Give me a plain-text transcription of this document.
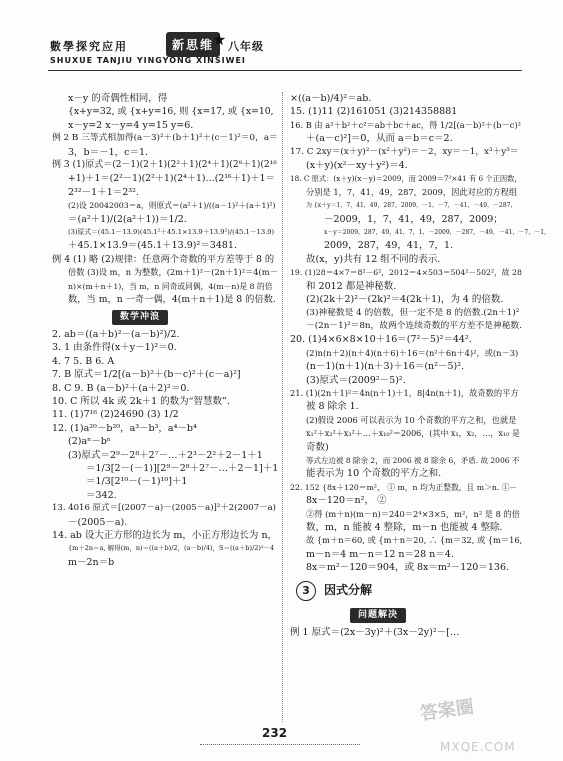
數學探究应用	新思维
★ 八年级
SHUXUE TANJIU YINGYONG XINSIWEI
x－y 的奇偶性相同，得
{x+y=32, 或 {x+y=16, 则 {x=17, 或 {x=10,
x－y=2 x－y=4 y=15 y=6.
例 2 B 三等式相加得(a－3)²＋(b＋1)²＋(c－1)²＝0，a＝
3，b＝－1，c＝1.
例 3 (1)原式＝(2－1)(2＋1)(2²＋1)(2⁴＋1)(2⁸＋1)(2¹⁶
+1)＋1＝(2²－1)(2²＋1)(2⁴＋1)…(2¹⁶＋1)＋1＝
2³²－1＋1＝2³².
(2)设 20042003＝a，则原式＝(a²＋1)/((a－1)²＋(a＋1)²)
＝(a²＋1)/(2(a²＋1))＝1/2.
(3)原式＝(45.1－13.9)(45.1²＋45.1×13.9＋13.9²)/(45.1－13.9)
＋45.1×13.9＝(45.1＋13.9)²＝3481.
例 4 (1) 略 (2)规律：任意两个奇数的平方差等于 8 的
倍数 (3)设 m，n 为整数，(2m＋1)²－(2n＋1)²＝4(m－
n)×(m＋n＋1)，当 m，n 同奇或同偶，4(m－n)是 8 的倍
数，当 m，n 一奇一偶，4(m＋n＋1)是 8 的倍数.
数学冲浪
2. ab＝((a＋b)²－(a－b)²)/2.
3. 1 由条件得(x＋y－1)²＝0.
4. 7 5. B 6. A
7. B 原式＝1/2[(a－b)²＋(b－c)²＋(c－a)²]
8. C 9. B (a－b)²＋(a＋2)²＝0.
10. C 所以 4k 或 2k＋1 的数为“智慧数”.
11. (1)7¹⁶ (2)24690 (3) 1/2
12. (1)a²⁰－b²⁰，a³－b³，a⁴－b⁴
(2)aⁿ－bⁿ
(3)原式＝2⁹－2⁸＋2⁷－…＋2³－2²＋2－1＋1
＝1/3[2－(－1)][2⁹－2⁸＋2⁷－…＋2－1]＋1
＝1/3[2¹⁰－(－1)¹⁰]＋1
＝342.
13. 4016 原式＝[(2007－a)－(2005－a)]²＋2(2007－a)
－(2005－a).
14. ab 设大正方形的边长为 m，小正方形边长为 n，
{m＋2n＝a, 解得(m，n)＝((a＋b)/2，(a－b)/4)，S＝((a＋b)/2)²－4
m－2n＝b
×((a－b)/4)²＝ab.
15. (1)11 (2)161051 (3)214358881
16. B 由 a²＋b²＋c²＝ab＋bc＋ac，得 1/2[(a－b)²＋(b－c)²
＋(a－c)²]＝0，从而 a＝b＝c＝2.
17. C 2xy＝(x＋y)²－(x²＋y²)＝－2，xy＝－1，x³＋y³＝
(x＋y)(x²－xy＋y²)＝4.
18. C 原式：(x＋y)(x－y)＝2009，而 2009＝7²×41 有 6 个正因数，
分别是 1，7，41，49，287，2009，因此对应的方程组
为 {x＋y＝1，7，41，49，287，2009，－1，－7，－41，－49，－287，
－2009，1，7，41，49，287，2009；
x－y＝2009，287，49，41，7，1，－2009，－287，－49，－41，－7，－1，
2009，287，49，41，7，1.
故(x，y)共有 12 组不同的表示.
19. (1)28＝4×7＝8²－6²，2012＝4×503＝504²－502²，故 28
和 2012 都是神秘数.
(2)(2k＋2)²－(2k)²＝4(2k＋1)，为 4 的倍数.
(3)神秘数是 4 的倍数，但一定不是 8 的倍数.(2n＋1)²
－(2n－1)²＝8n，故两个连续奇数的平方差不是神秘数.
20. (1)4×6×8×10＋16＝(7²－5)²＝44².
(2)n(n＋2)(n＋4)(n＋6)＋16＝(n²＋6n＋4)²，或(n－3)
(n－1)(n＋1)(n＋3)＋16＝(n²－5)².
(3)原式＝(2009²－5)².
21. (1)(2n＋1)²＝4n(n＋1)＋1，8|4n(n＋1)，故奇数的平方
被 8 除余 1.
(2)假设 2006 可以表示为 10 个奇数的平方之和，也就是
x₁²＋x₂²＋x₃²＋…＋x₁₀²＝2006，(其中 x₁，x₂，…，x₁₀ 是
奇数)
等式左边被 8 除余 2，而 2006 被 8 除余 6，矛盾. 故 2006 不
能表示为 10 个奇数的平方之和.
22. 152 {8x＋120＝m²， ① m，n 均为正整数，且 m＞n. ①－
8x－120＝n²， ②
②得 (m＋n)(m－n)＝240＝2⁴×3×5，m²，n² 是 8 的倍
数，m，n 能被 4 整除，m－n 也能被 4 整除.
故 {m＋n＝60, 或 {m＋n＝20, ∴ {m＝32, 或 {m＝16,
m－n＝4 m－n＝12 n＝28 n＝4.
8x＝m²－120＝904，或 8x＝m²－120＝136.
3 因式分解
问题解决
例 1 原式＝(2x－3y)²＋(3x－2y)²－[…
232
答案圈
MXQE.COM
